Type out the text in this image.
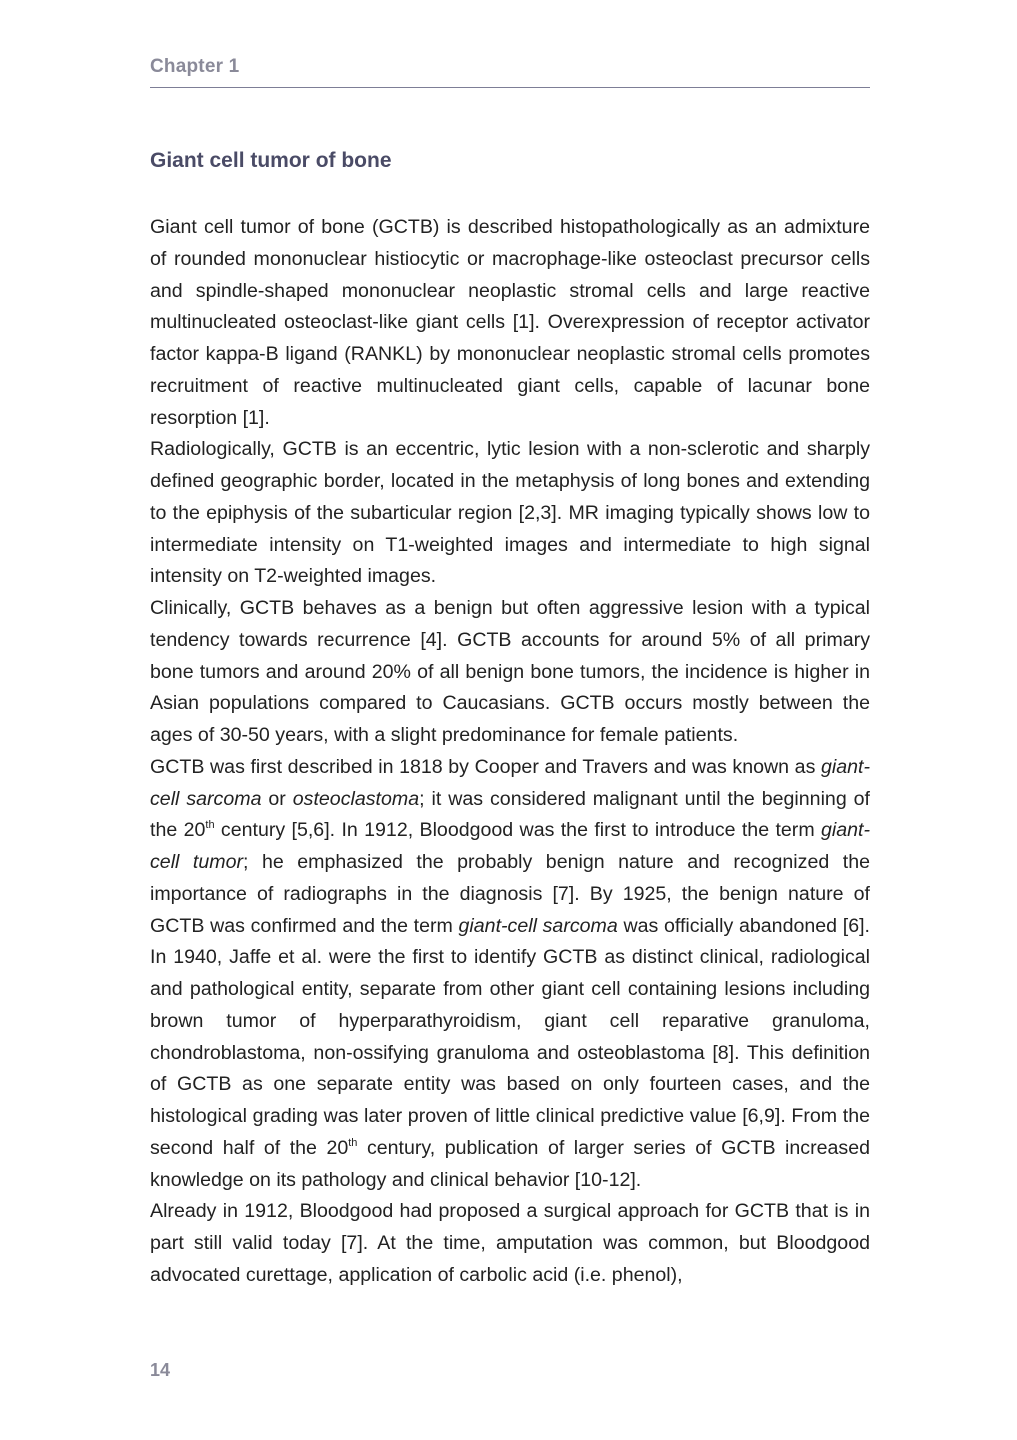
Chapter 1
Giant cell tumor of bone

Giant cell tumor of bone (GCTB) is described histopathologically as an admixture of rounded mononuclear histiocytic or macrophage-like osteoclast precursor cells and spindle-shaped mononuclear neoplastic stromal cells and large reactive multinucleated osteoclast-like giant cells [1]. Overexpression of receptor activator factor kappa-B ligand (RANKL) by mononuclear neoplastic stromal cells promotes recruitment of reactive multinucleated giant cells, capable of lacunar bone resorption [1].

Radiologically, GCTB is an eccentric, lytic lesion with a non-sclerotic and sharply defined geographic border, located in the metaphysis of long bones and extending to the epiphysis of the subarticular region [2,3]. MR imaging typically shows low to intermediate intensity on T1-weighted images and intermediate to high signal intensity on T2-weighted images.

Clinically, GCTB behaves as a benign but often aggressive lesion with a typical tendency towards recurrence [4]. GCTB accounts for around 5% of all primary bone tumors and around 20% of all benign bone tumors, the incidence is higher in Asian populations compared to Caucasians. GCTB occurs mostly between the ages of 30-50 years, with a slight predominance for female patients.

GCTB was first described in 1818 by Cooper and Travers and was known as giant-cell sarcoma or osteoclastoma; it was considered malignant until the beginning of the 20th century [5,6]. In 1912, Bloodgood was the first to introduce the term giant-cell tumor; he emphasized the probably benign nature and recognized the importance of radiographs in the diagnosis [7]. By 1925, the benign nature of GCTB was confirmed and the term giant-cell sarcoma was officially abandoned [6]. In 1940, Jaffe et al. were the first to identify GCTB as distinct clinical, radiological and pathological entity, separate from other giant cell containing lesions including brown tumor of hyperparathyroidism, giant cell reparative granuloma, chondroblastoma, non-ossifying granuloma and osteoblastoma [8]. This definition of GCTB as one separate entity was based on only fourteen cases, and the histological grading was later proven of little clinical predictive value [6,9]. From the second half of the 20th century, publication of larger series of GCTB increased knowledge on its pathology and clinical behavior [10-12].

Already in 1912, Bloodgood had proposed a surgical approach for GCTB that is in part still valid today [7]. At the time, amputation was common, but Bloodgood advocated curettage, application of carbolic acid (i.e. phenol),

14
